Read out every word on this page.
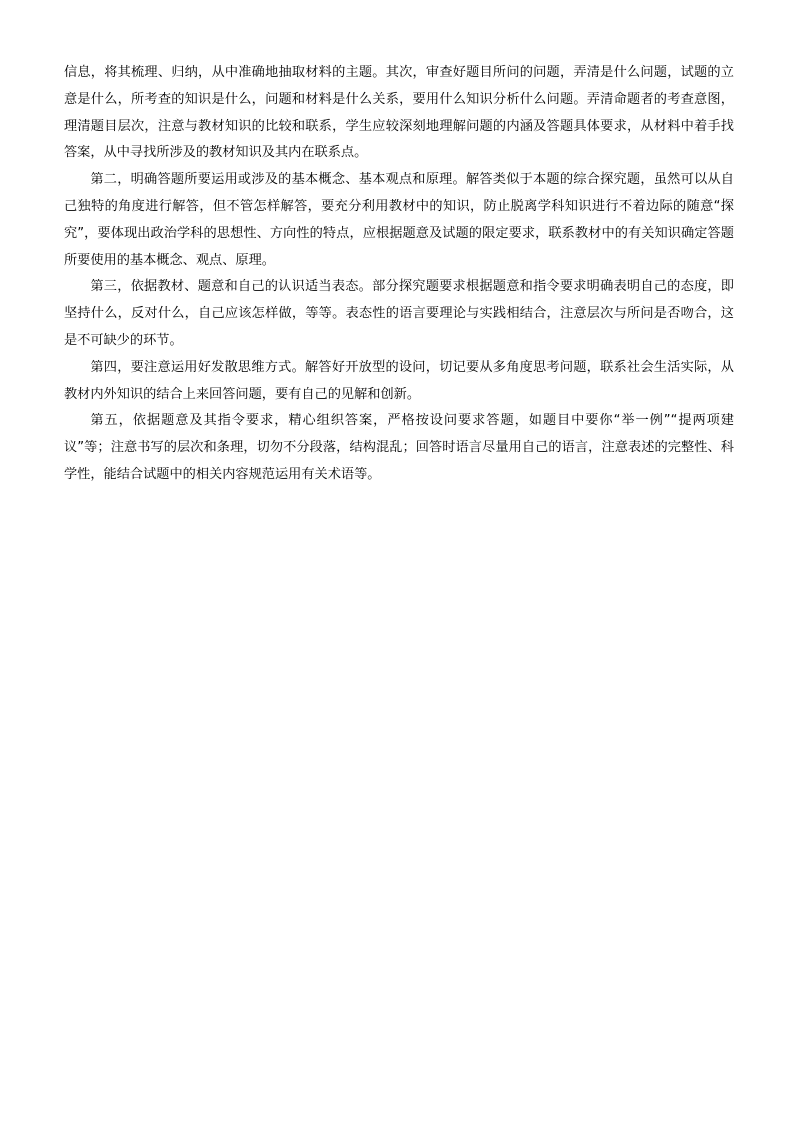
信息，将其梳理、归纳，从中准确地抽取材料的主题。其次，审查好题目所问的问题，弄清是什么问题，试题的立意是什么，所考查的知识是什么，问题和材料是什么关系，要用什么知识分析什么问题。弄清命题者的考查意图，理清题目层次，注意与教材知识的比较和联系，学生应较深刻地理解问题的内涵及答题具体要求，从材料中着手找答案，从中寻找所涉及的教材知识及其内在联系点。

第二，明确答题所要运用或涉及的基本概念、基本观点和原理。解答类似于本题的综合探究题，虽然可以从自己独特的角度进行解答，但不管怎样解答，要充分利用教材中的知识，防止脱离学科知识进行不着边际的随意“探究”，要体现出政治学科的思想性、方向性的特点，应根据题意及试题的限定要求，联系教材中的有关知识确定答题所要使用的基本概念、观点、原理。

第三，依据教材、题意和自己的认识适当表态。部分探究题要求根据题意和指令要求明确表明自己的态度，即坚持什么，反对什么，自己应该怎样做，等等。表态性的语言要理论与实践相结合，注意层次与所问是否吻合，这是不可缺少的环节。

第四，要注意运用好发散思维方式。解答好开放型的设问，切记要从多角度思考问题，联系社会生活实际，从教材内外知识的结合上来回答问题，要有自己的见解和创新。

第五，依据题意及其指令要求，精心组织答案，严格按设问要求答题，如题目中要你“举一例”“提两项建议”等；注意书写的层次和条理，切勿不分段落，结构混乱；回答时语言尽量用自己的语言，注意表述的完整性、科学性，能结合试题中的相关内容规范运用有关术语等。
